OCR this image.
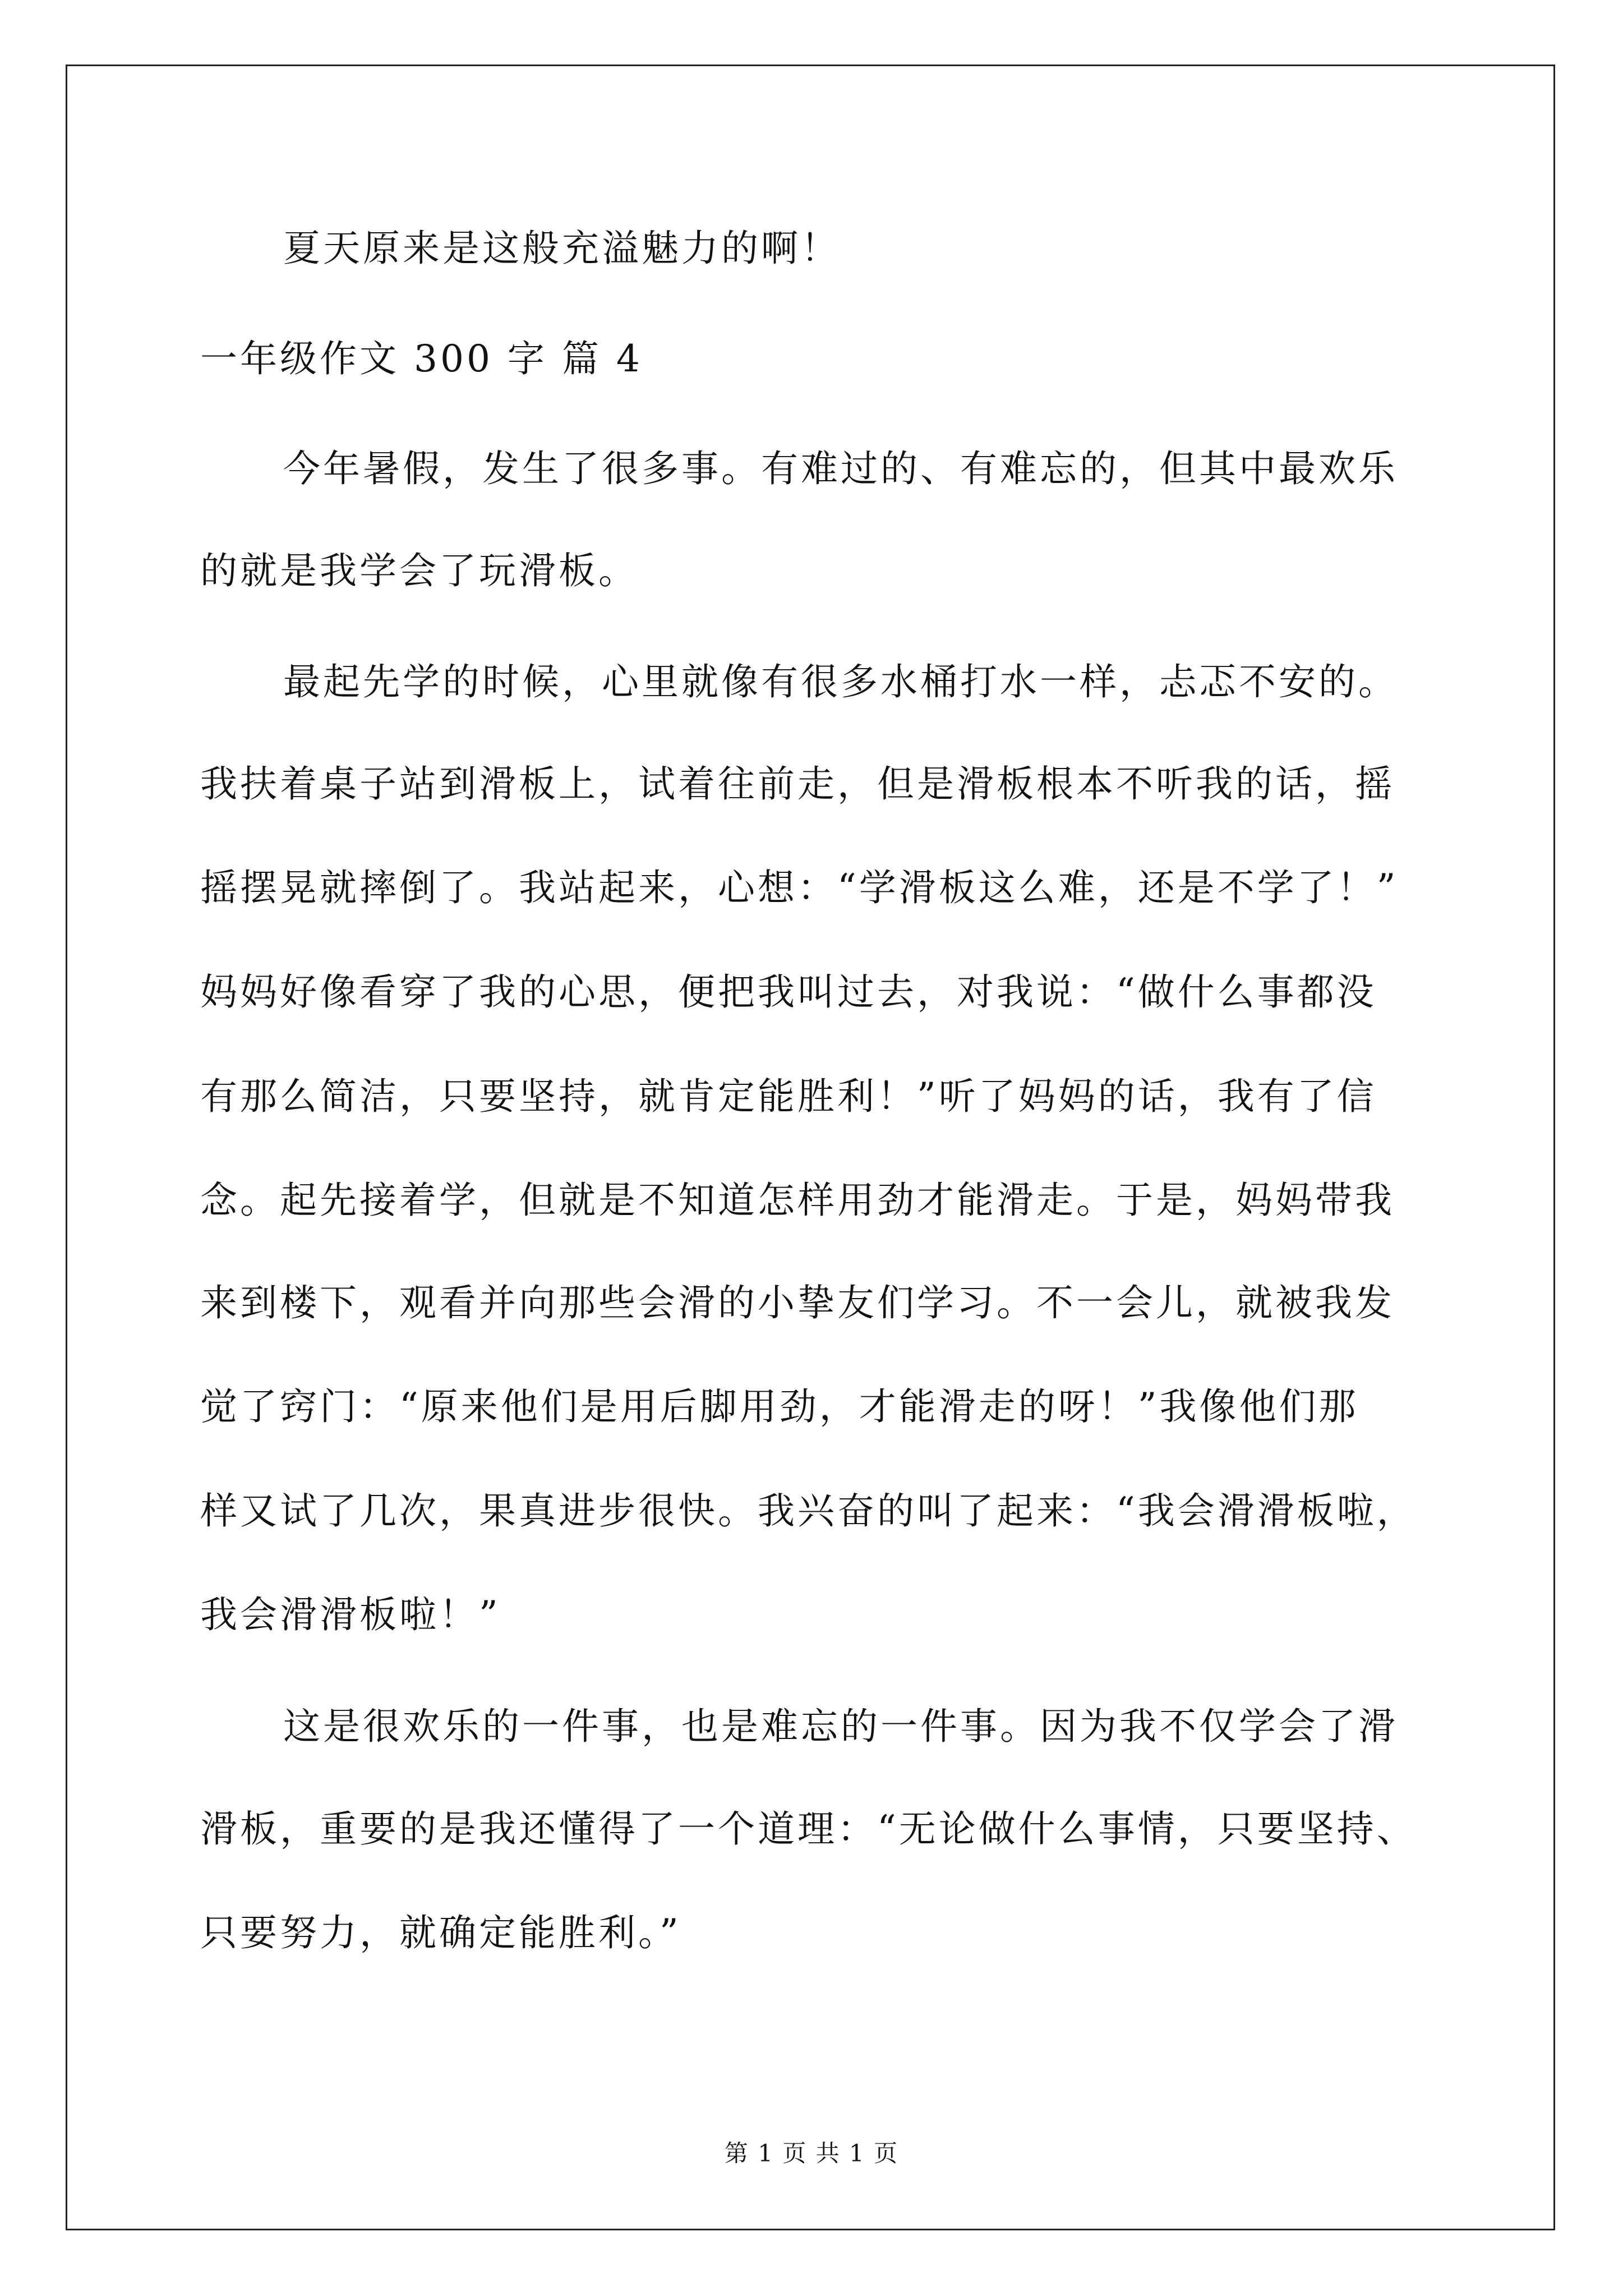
夏天原来是这般充溢魅力的啊！
一年级作文 300 字 篇 4
今年暑假，发生了很多事。有难过的、有难忘的，但其中最欢乐
的就是我学会了玩滑板。
最起先学的时候，心里就像有很多水桶打水一样，忐忑不安的。
我扶着桌子站到滑板上，试着往前走，但是滑板根本不听我的话，摇
摇摆晃就摔倒了。我站起来，心想：“学滑板这么难，还是不学了！”
妈妈好像看穿了我的心思，便把我叫过去，对我说：“做什么事都没
有那么简洁，只要坚持，就肯定能胜利！”听了妈妈的话，我有了信
念。起先接着学，但就是不知道怎样用劲才能滑走。于是，妈妈带我
来到楼下，观看并向那些会滑的小挚友们学习。不一会儿，就被我发
觉了窍门：“原来他们是用后脚用劲，才能滑走的呀！”我像他们那
样又试了几次，果真进步很快。我兴奋的叫了起来：“我会滑滑板啦，
我会滑滑板啦！”
这是很欢乐的一件事，也是难忘的一件事。因为我不仅学会了滑
滑板，重要的是我还懂得了一个道理：“无论做什么事情，只要坚持、
只要努力，就确定能胜利。”
第 1 页 共 1 页
